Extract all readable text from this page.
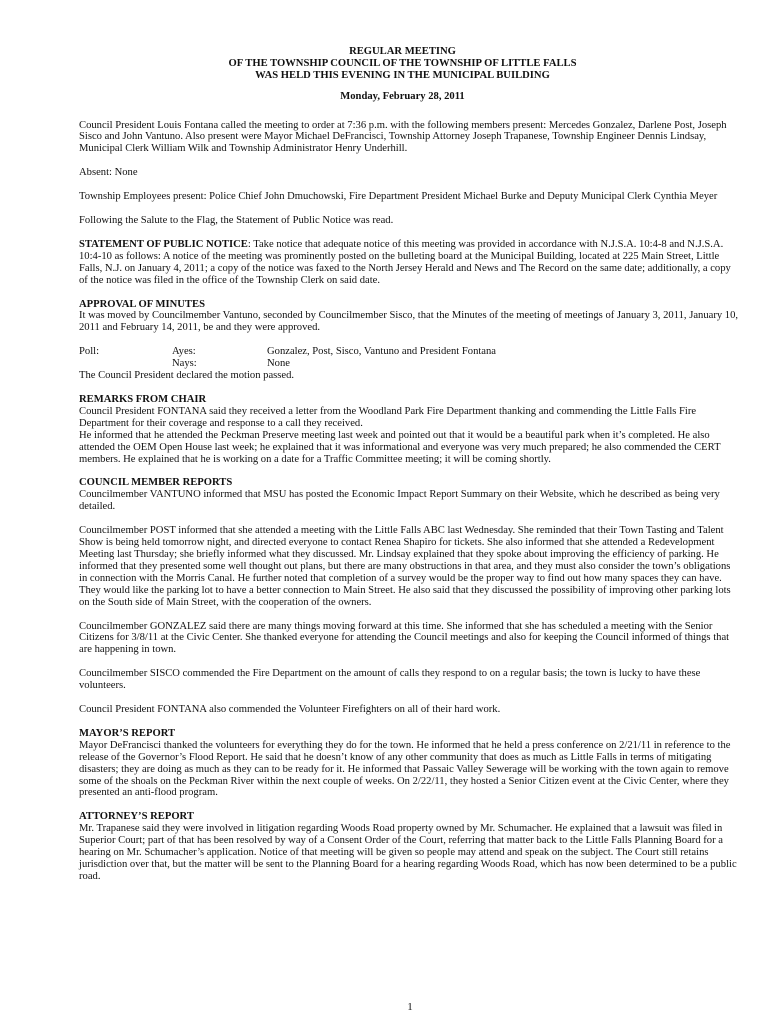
REGULAR MEETING
OF THE TOWNSHIP COUNCIL OF THE TOWNSHIP OF LITTLE FALLS
WAS HELD THIS EVENING IN THE MUNICIPAL BUILDING
Monday, February 28, 2011

Council President Louis Fontana called the meeting to order at 7:36 p.m. with the following members present: Mercedes Gonzalez, Darlene Post, Joseph Sisco and John Vantuno. Also present were Mayor Michael DeFrancisci, Township Attorney Joseph Trapanese, Township Engineer Dennis Lindsay, Municipal Clerk William Wilk and Township Administrator Henry Underhill.

Absent: None

Township Employees present: Police Chief John Dmuchowski, Fire Department President Michael Burke and Deputy Municipal Clerk Cynthia Meyer

Following the Salute to the Flag, the Statement of Public Notice was read.

STATEMENT OF PUBLIC NOTICE: Take notice that adequate notice of this meeting was provided in accordance with N.J.S.A. 10:4-8 and N.J.S.A. 10:4-10 as follows: A notice of the meeting was prominently posted on the bulleting board at the Municipal Building, located at 225 Main Street, Little Falls, N.J. on January 4, 2011; a copy of the notice was faxed to the North Jersey Herald and News and The Record on the same date; additionally, a copy of the notice was filed in the office of the Township Clerk on said date.

APPROVAL OF MINUTES

It was moved by Councilmember Vantuno, seconded by Councilmember Sisco, that the Minutes of the meeting of meetings of January 3, 2011, January 10, 2011 and February 14, 2011, be and they were approved.

Poll:	Ayes:	Gonzalez, Post, Sisco, Vantuno and President Fontana
Nays:	None

The Council President declared the motion passed.

REMARKS FROM CHAIR
Council President FONTANA said they received a letter from the Woodland Park Fire Department thanking and commending the Little Falls Fire Department for their coverage and response to a call they received.

He informed that he attended the Peckman Preserve meeting last week and pointed out that it would be a beautiful park when it’s completed. He also attended the OEM Open House last week; he explained that it was informational and everyone was very much prepared; he also commended the CERT members. He explained that he is working on a date for a Traffic Committee meeting; it will be coming shortly.

COUNCIL MEMBER REPORTS

Councilmember VANTUNO informed that MSU has posted the Economic Impact Report Summary on their Website, which he described as being very detailed.

Councilmember POST informed that she attended a meeting with the Little Falls ABC last Wednesday. She reminded that their Town Tasting and Talent Show is being held tomorrow night, and directed everyone to contact Renea Shapiro for tickets. She also informed that she attended a Redevelopment Meeting last Thursday; she briefly informed what they discussed. Mr. Lindsay explained that they spoke about improving the efficiency of parking. He informed that they presented some well thought out plans, but there are many obstructions in that area, and they must also consider the town’s obligations in connection with the Morris Canal. He further noted that completion of a survey would be the proper way to find out how many spaces they can have. They would like the parking lot to have a better connection to Main Street. He also said that they discussed the possibility of improving other parking lots on the South side of Main Street, with the cooperation of the owners.

Councilmember GONZALEZ said there are many things moving forward at this time. She informed that she has scheduled a meeting with the Senior Citizens for 3/8/11 at the Civic Center. She thanked everyone for attending the Council meetings and also for keeping the Council informed of things that are happening in town.

Councilmember SISCO commended the Fire Department on the amount of calls they respond to on a regular basis; the town is lucky to have these volunteers.

Council President FONTANA also commended the Volunteer Firefighters on all of their hard work.

MAYOR’S REPORT

Mayor DeFrancisci thanked the volunteers for everything they do for the town. He informed that he held a press conference on 2/21/11 in reference to the release of the Governor’s Flood Report. He said that he doesn’t know of any other community that does as much as Little Falls in terms of mitigating disasters; they are doing as much as they can to be ready for it. He informed that Passaic Valley Sewerage will be working with the town again to remove some of the shoals on the Peckman River within the next couple of weeks. On 2/22/11, they hosted a Senior Citizen event at the Civic Center, where they presented an anti-flood program.

ATTORNEY’S REPORT

Mr. Trapanese said they were involved in litigation regarding Woods Road property owned by Mr. Schumacher. He explained that a lawsuit was filed in Superior Court; part of that has been resolved by way of a Consent Order of the Court, referring that matter back to the Little Falls Planning Board for a hearing on Mr. Schumacher’s application. Notice of that meeting will be given so people may attend and speak on the subject. The Court still retains jurisdiction over that, but the matter will be sent to the Planning Board for a hearing regarding Woods Road, which has now been determined to be a public road.

1
